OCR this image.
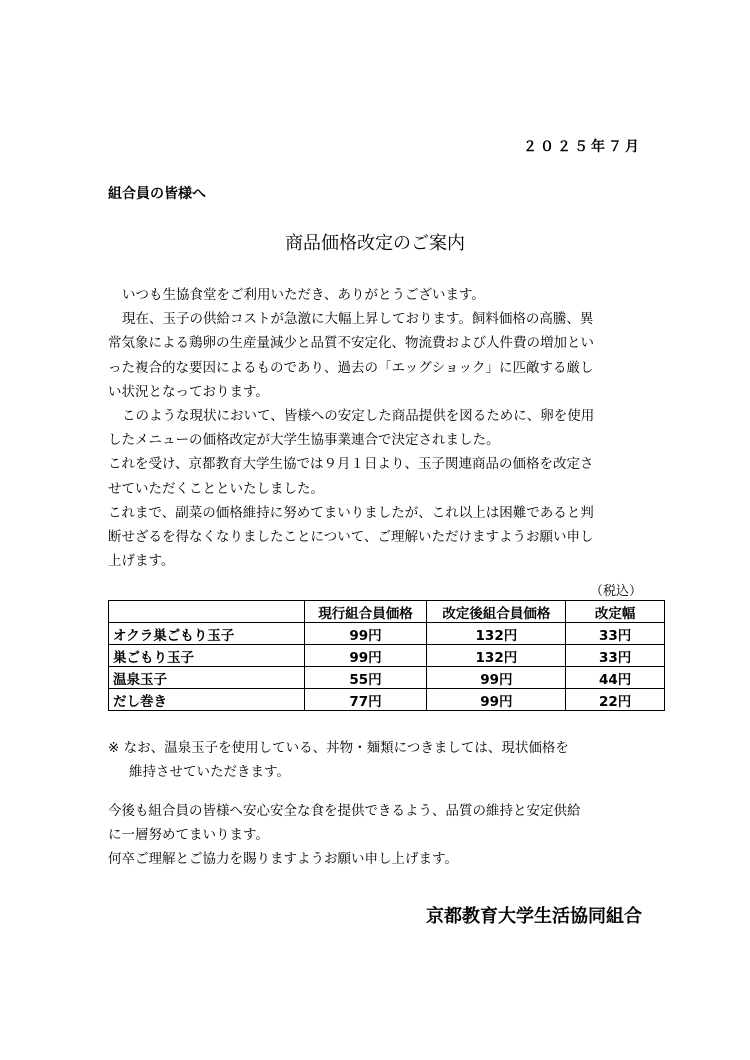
２０２５年７月
組合員の皆様へ
商品価格改定のご案内

いつも生協食堂をご利用いただき、ありがとうございます。

現在、玉子の供給コストが急激に大幅上昇しております。飼料価格の高騰、異

常気象による鶏卵の生産量減少と品質不安定化、物流費および人件費の増加とい

った複合的な要因によるものであり、過去の「エッグショック」に匹敵する厳し

い状況となっております。

このような現状において、皆様への安定した商品提供を図るために、卵を使用

したメニューの価格改定が大学生協事業連合で決定されました。

これを受け、京都教育大学生協では９月１日より、玉子関連商品の価格を改定さ

せていただくことといたしました。

これまで、副菜の価格維持に努めてまいりましたが、これ以上は困難であると判

断せざるを得なくなりましたことについて、ご理解いただけますようお願い申し

上げます。

（税込）
	現行組合員価格	改定後組合員価格	改定幅
オクラ巣ごもり玉子	99円	132円	33円
巣ごもり玉子	99円	132円	33円
温泉玉子	55円	99円	44円
だし巻き	77円	99円	22円

※ なお、温泉玉子を使用している、丼物・麺類につきましては、現状価格を

維持させていただきます。

今後も組合員の皆様へ安心安全な食を提供できるよう、品質の維持と安定供給

に一層努めてまいります。

何卒ご理解とご協力を賜りますようお願い申し上げます。

京都教育大学生活協同組合
